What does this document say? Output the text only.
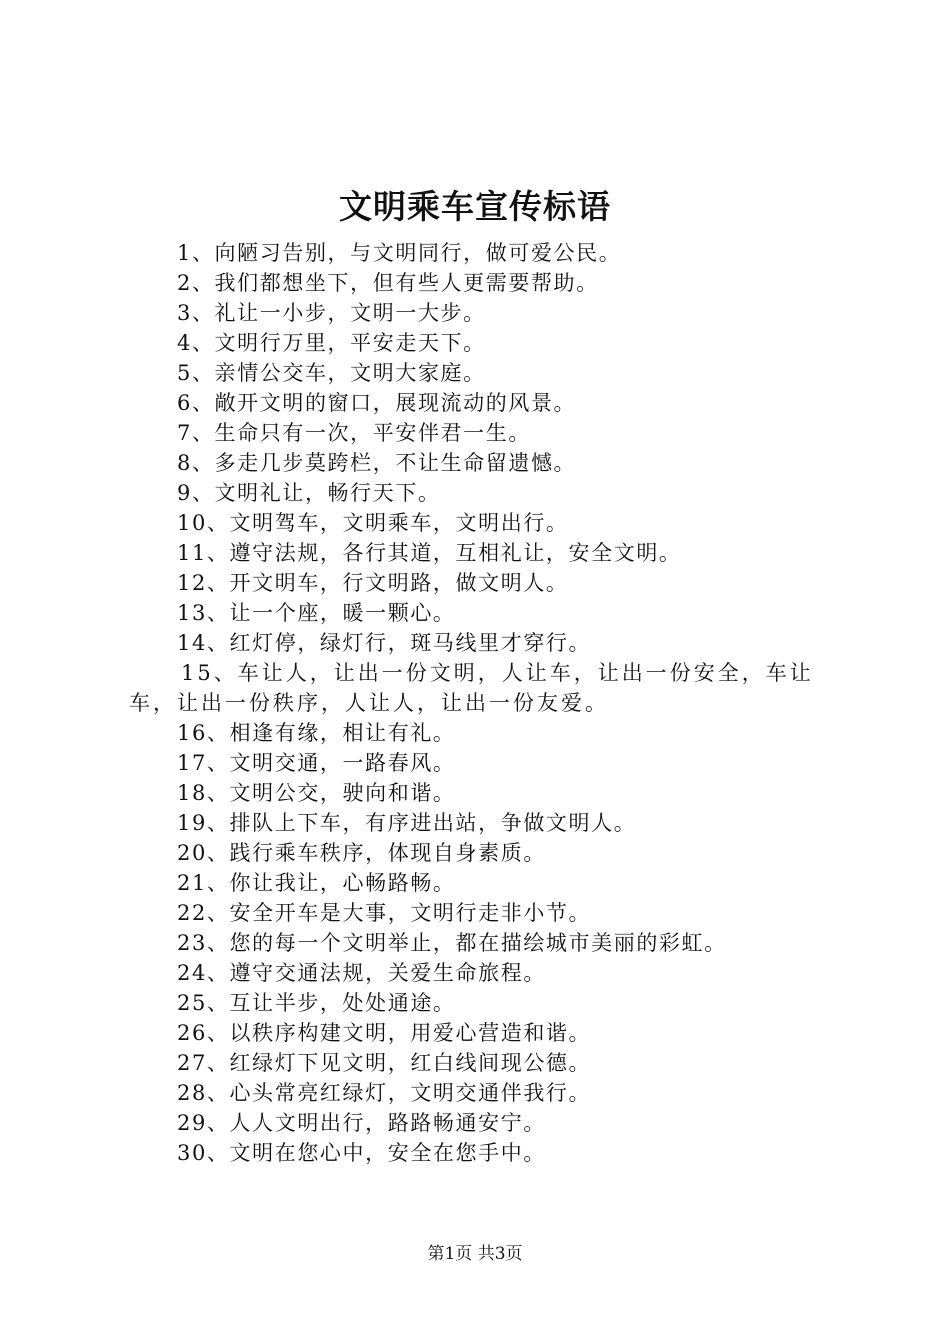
文明乘车宣传标语
1、向陋习告别，与文明同行，做可爱公民。
2、我们都想坐下，但有些人更需要帮助。
3、礼让一小步，文明一大步。
4、文明行万里，平安走天下。
5、亲情公交车，文明大家庭。
6、敞开文明的窗口，展现流动的风景。
7、生命只有一次，平安伴君一生。
8、多走几步莫跨栏，不让生命留遗憾。
9、文明礼让，畅行天下。
10、文明驾车，文明乘车，文明出行。
11、遵守法规，各行其道，互相礼让，安全文明。
12、开文明车，行文明路，做文明人。
13、让一个座，暖一颗心。
14、红灯停，绿灯行，斑马线里才穿行。
15、车让人，让出一份文明，人让车，让出一份安全，车让车，让出一份秩序，人让人，让出一份友爱。
16、相逢有缘，相让有礼。
17、文明交通，一路春风。
18、文明公交，驶向和谐。
19、排队上下车，有序进出站，争做文明人。
20、践行乘车秩序，体现自身素质。
21、你让我让，心畅路畅。
22、安全开车是大事，文明行走非小节。
23、您的每一个文明举止，都在描绘城市美丽的彩虹。
24、遵守交通法规，关爱生命旅程。
25、互让半步，处处通途。
26、以秩序构建文明，用爱心营造和谐。
27、红绿灯下见文明，红白线间现公德。
28、心头常亮红绿灯，文明交通伴我行。
29、人人文明出行，路路畅通安宁。
30、文明在您心中，安全在您手中。
第1页 共3页
